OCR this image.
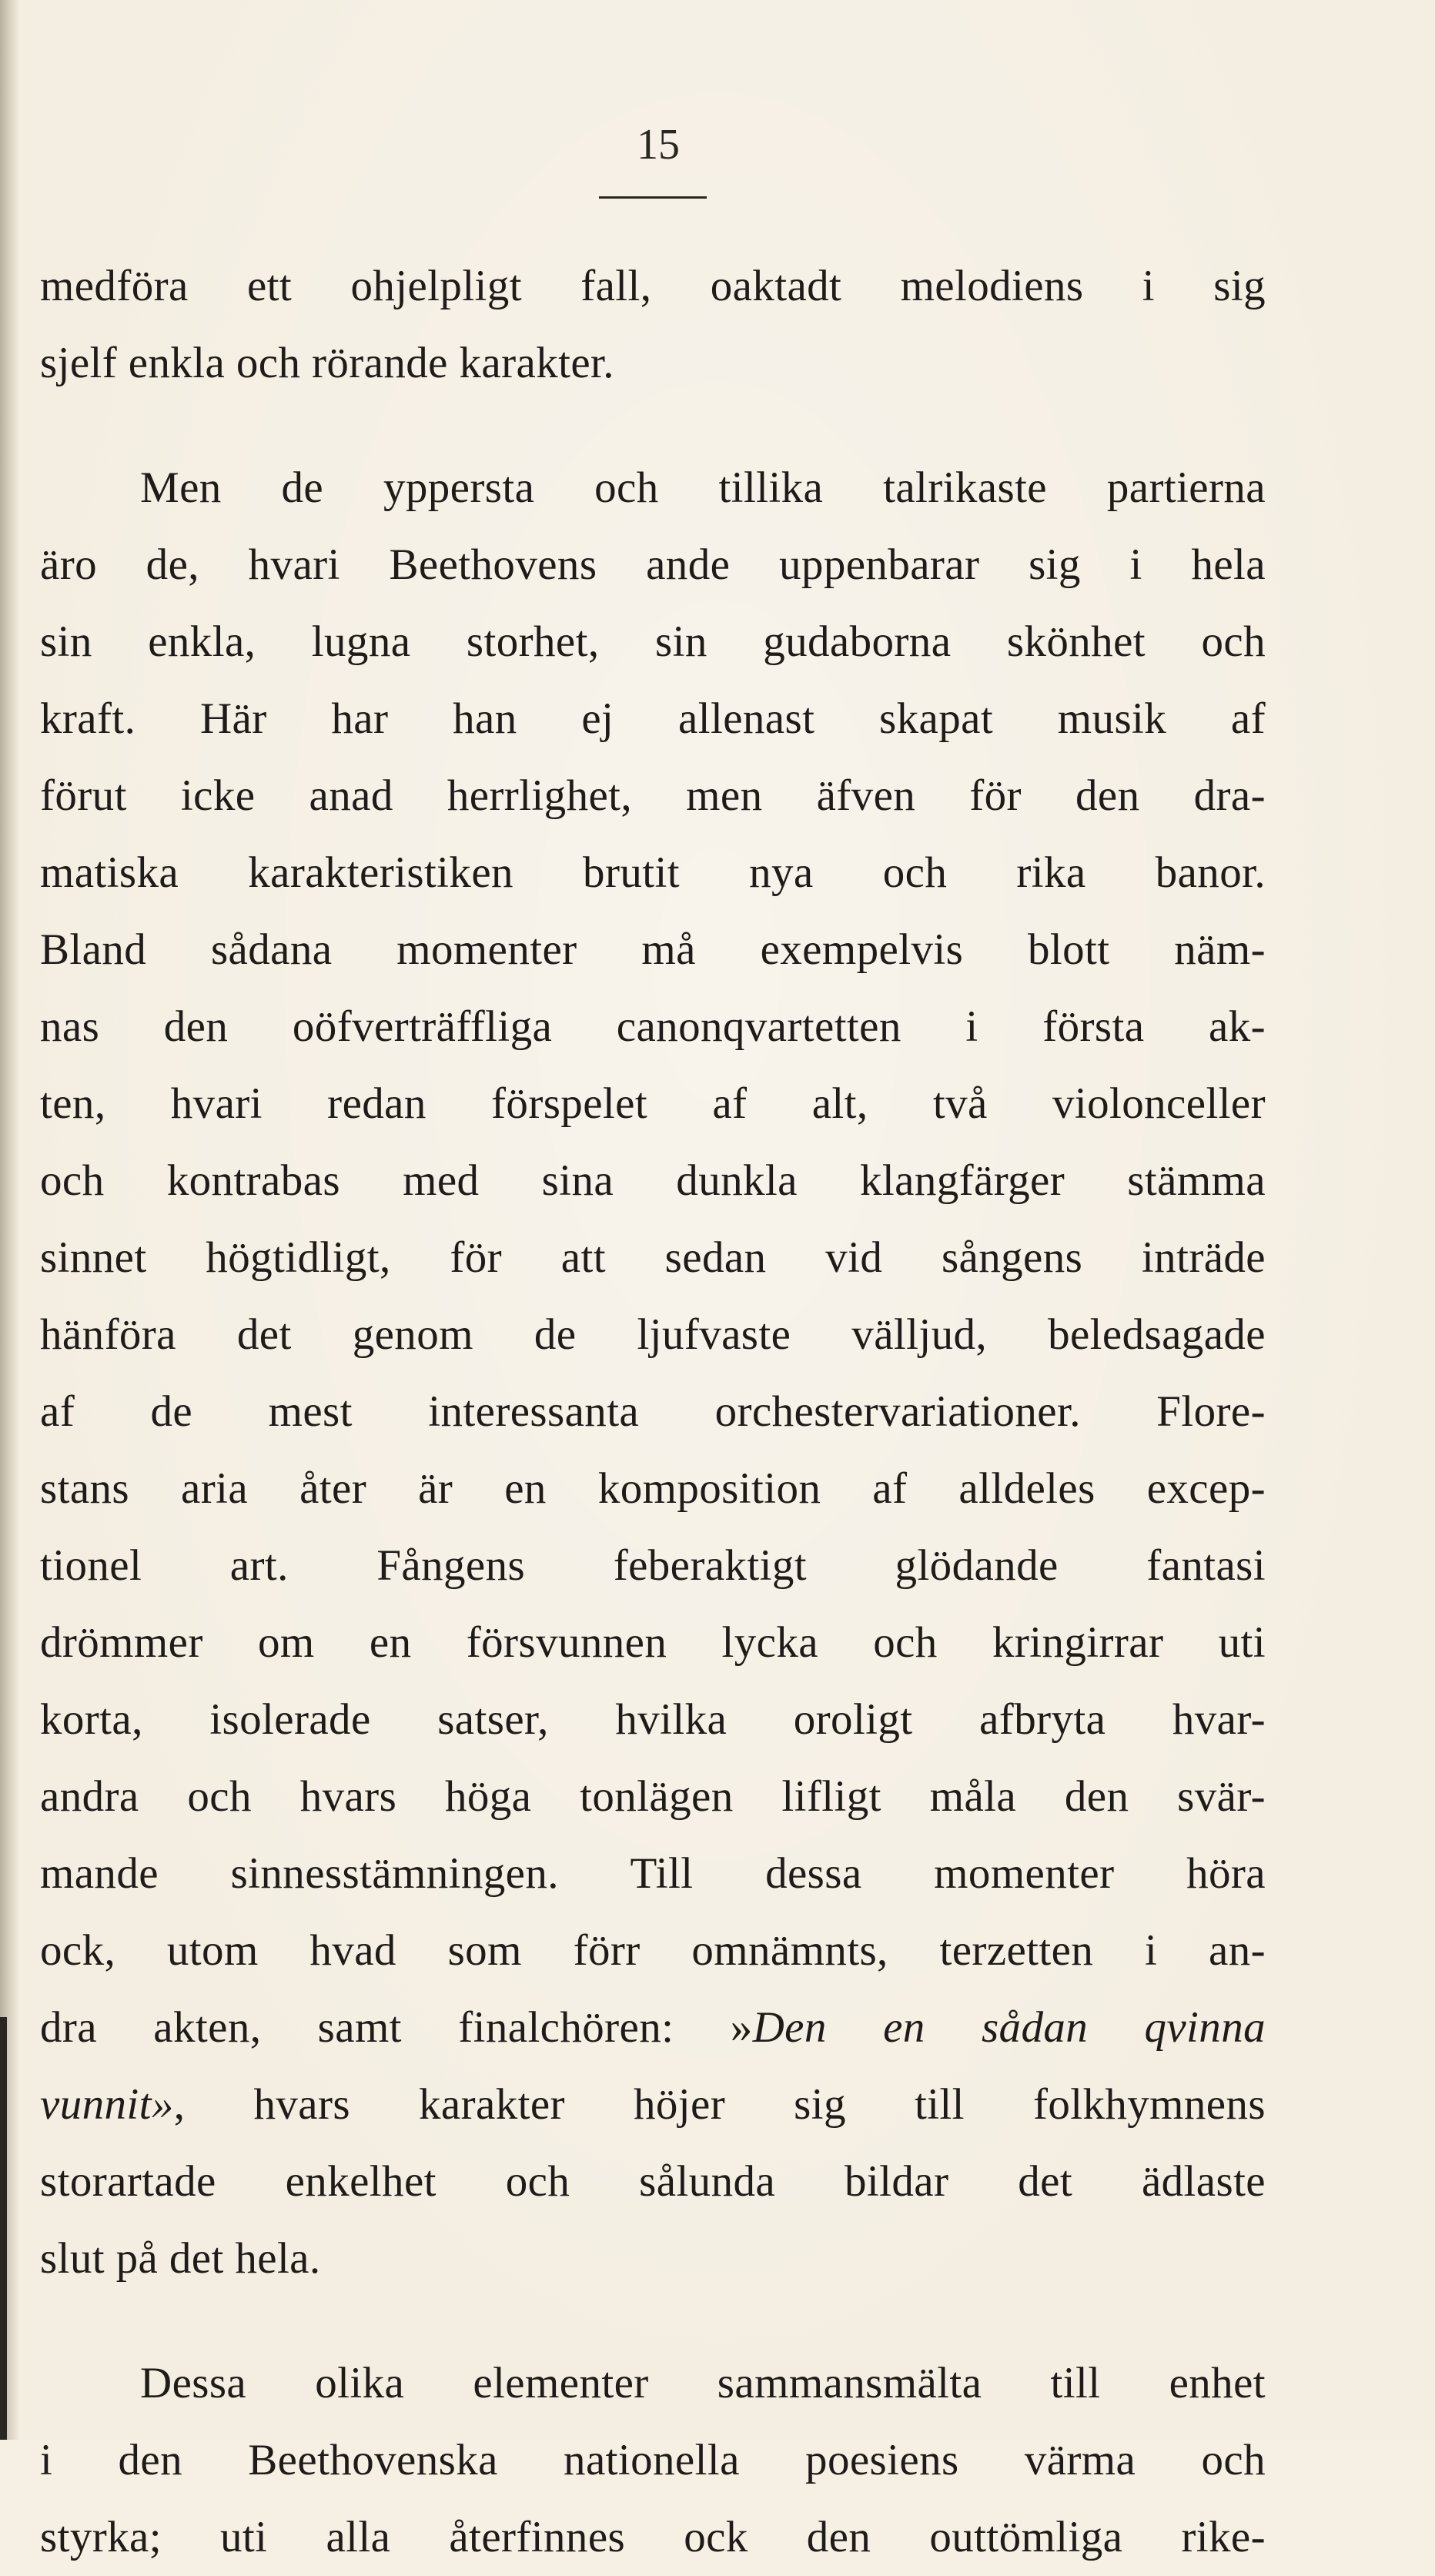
15
medföra ett ohjelpligt fall, oaktadt melodiens i sig
sjelf enkla och rörande karakter.
Men de yppersta och tillika talrikaste partierna
äro de, hvari Beethovens ande uppenbarar sig i hela
sin enkla, lugna storhet, sin gudaborna skönhet och
kraft. Här har han ej allenast skapat musik af
förut icke anad herrlighet, men äfven för den dra-
matiska karakteristiken brutit nya och rika banor.
Bland sådana momenter må exempelvis blott näm-
nas den oöfverträffliga canonqvartetten i första ak-
ten, hvari redan förspelet af alt, två violonceller
och kontrabas med sina dunkla klangfärger stämma
sinnet högtidligt, för att sedan vid sångens inträde
hänföra det genom de ljufvaste välljud, beledsagade
af de mest interessanta orchestervariationer. Flore-
stans aria åter är en komposition af alldeles excep-
tionel art. Fångens feberaktigt glödande fantasi
drömmer om en försvunnen lycka och kringirrar uti
korta, isolerade satser, hvilka oroligt afbryta hvar-
andra och hvars höga tonlägen lifligt måla den svär-
mande sinnesstämningen. Till dessa momenter höra
ock, utom hvad som förr omnämnts, terzetten i an-
dra akten, samt finalchören: »Den en sådan qvinna
vunnit», hvars karakter höjer sig till folkhymnens
storartade enkelhet och sålunda bildar det ädlaste
slut på det hela.
Dessa olika elementer sammansmälta till enhet
i den Beethovenska nationella poesiens värma och
styrka; uti alla återfinnes ock den outtömliga rike-
